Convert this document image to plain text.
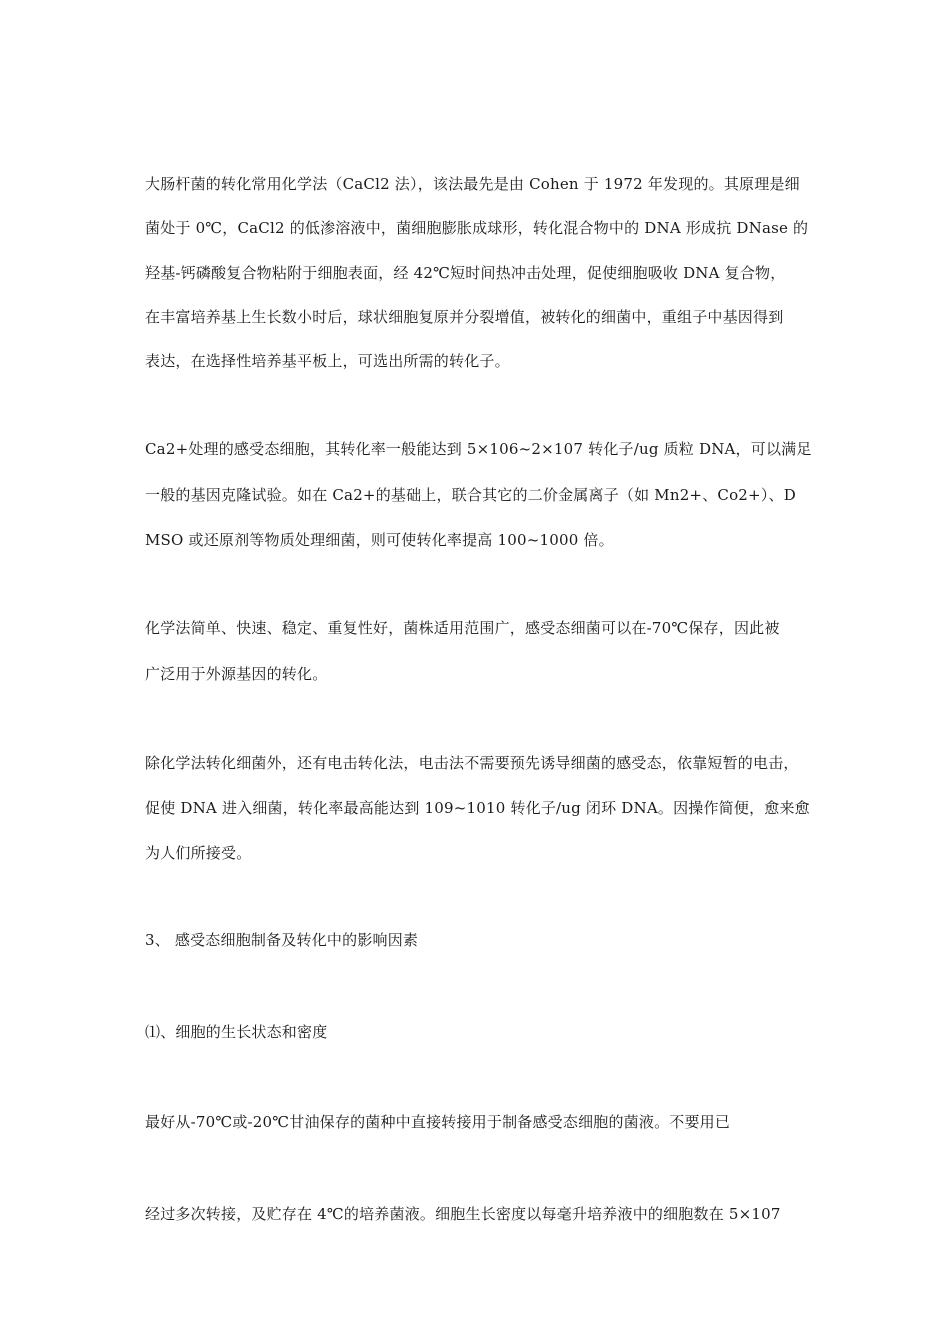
大肠杆菌的转化常用化学法（CaCl2 法），该法最先是由 Cohen 于 1972 年发现的。其原理是细
菌处于 0℃，CaCl2 的低渗溶液中，菌细胞膨胀成球形，转化混合物中的 DNA 形成抗 DNase 的
羟基-钙磷酸复合物粘附于细胞表面，经 42℃短时间热冲击处理，促使细胞吸收 DNA 复合物，
在丰富培养基上生长数小时后，球状细胞复原并分裂增值，被转化的细菌中，重组子中基因得到
表达，在选择性培养基平板上，可选出所需的转化子。
Ca2+处理的感受态细胞，其转化率一般能达到 5×106~2×107 转化子/ug 质粒 DNA，可以满足
一般的基因克隆试验。如在 Ca2+的基础上，联合其它的二价金属离子（如 Mn2+、Co2+）、D
MSO 或还原剂等物质处理细菌，则可使转化率提高 100~1000 倍。
化学法简单、快速、稳定、重复性好，菌株适用范围广，感受态细菌可以在-70℃保存，因此被
广泛用于外源基因的转化。
除化学法转化细菌外，还有电击转化法，电击法不需要预先诱导细菌的感受态，依靠短暂的电击，
促使 DNA 进入细菌，转化率最高能达到 109~1010 转化子/ug 闭环 DNA。因操作简便，愈来愈
为人们所接受。
3、 感受态细胞制备及转化中的影响因素
⑴、细胞的生长状态和密度
最好从-70℃或-20℃甘油保存的菌种中直接转接用于制备感受态细胞的菌液。不要用已
经过多次转接，及贮存在 4℃的培养菌液。细胞生长密度以每毫升培养液中的细胞数在 5×107
